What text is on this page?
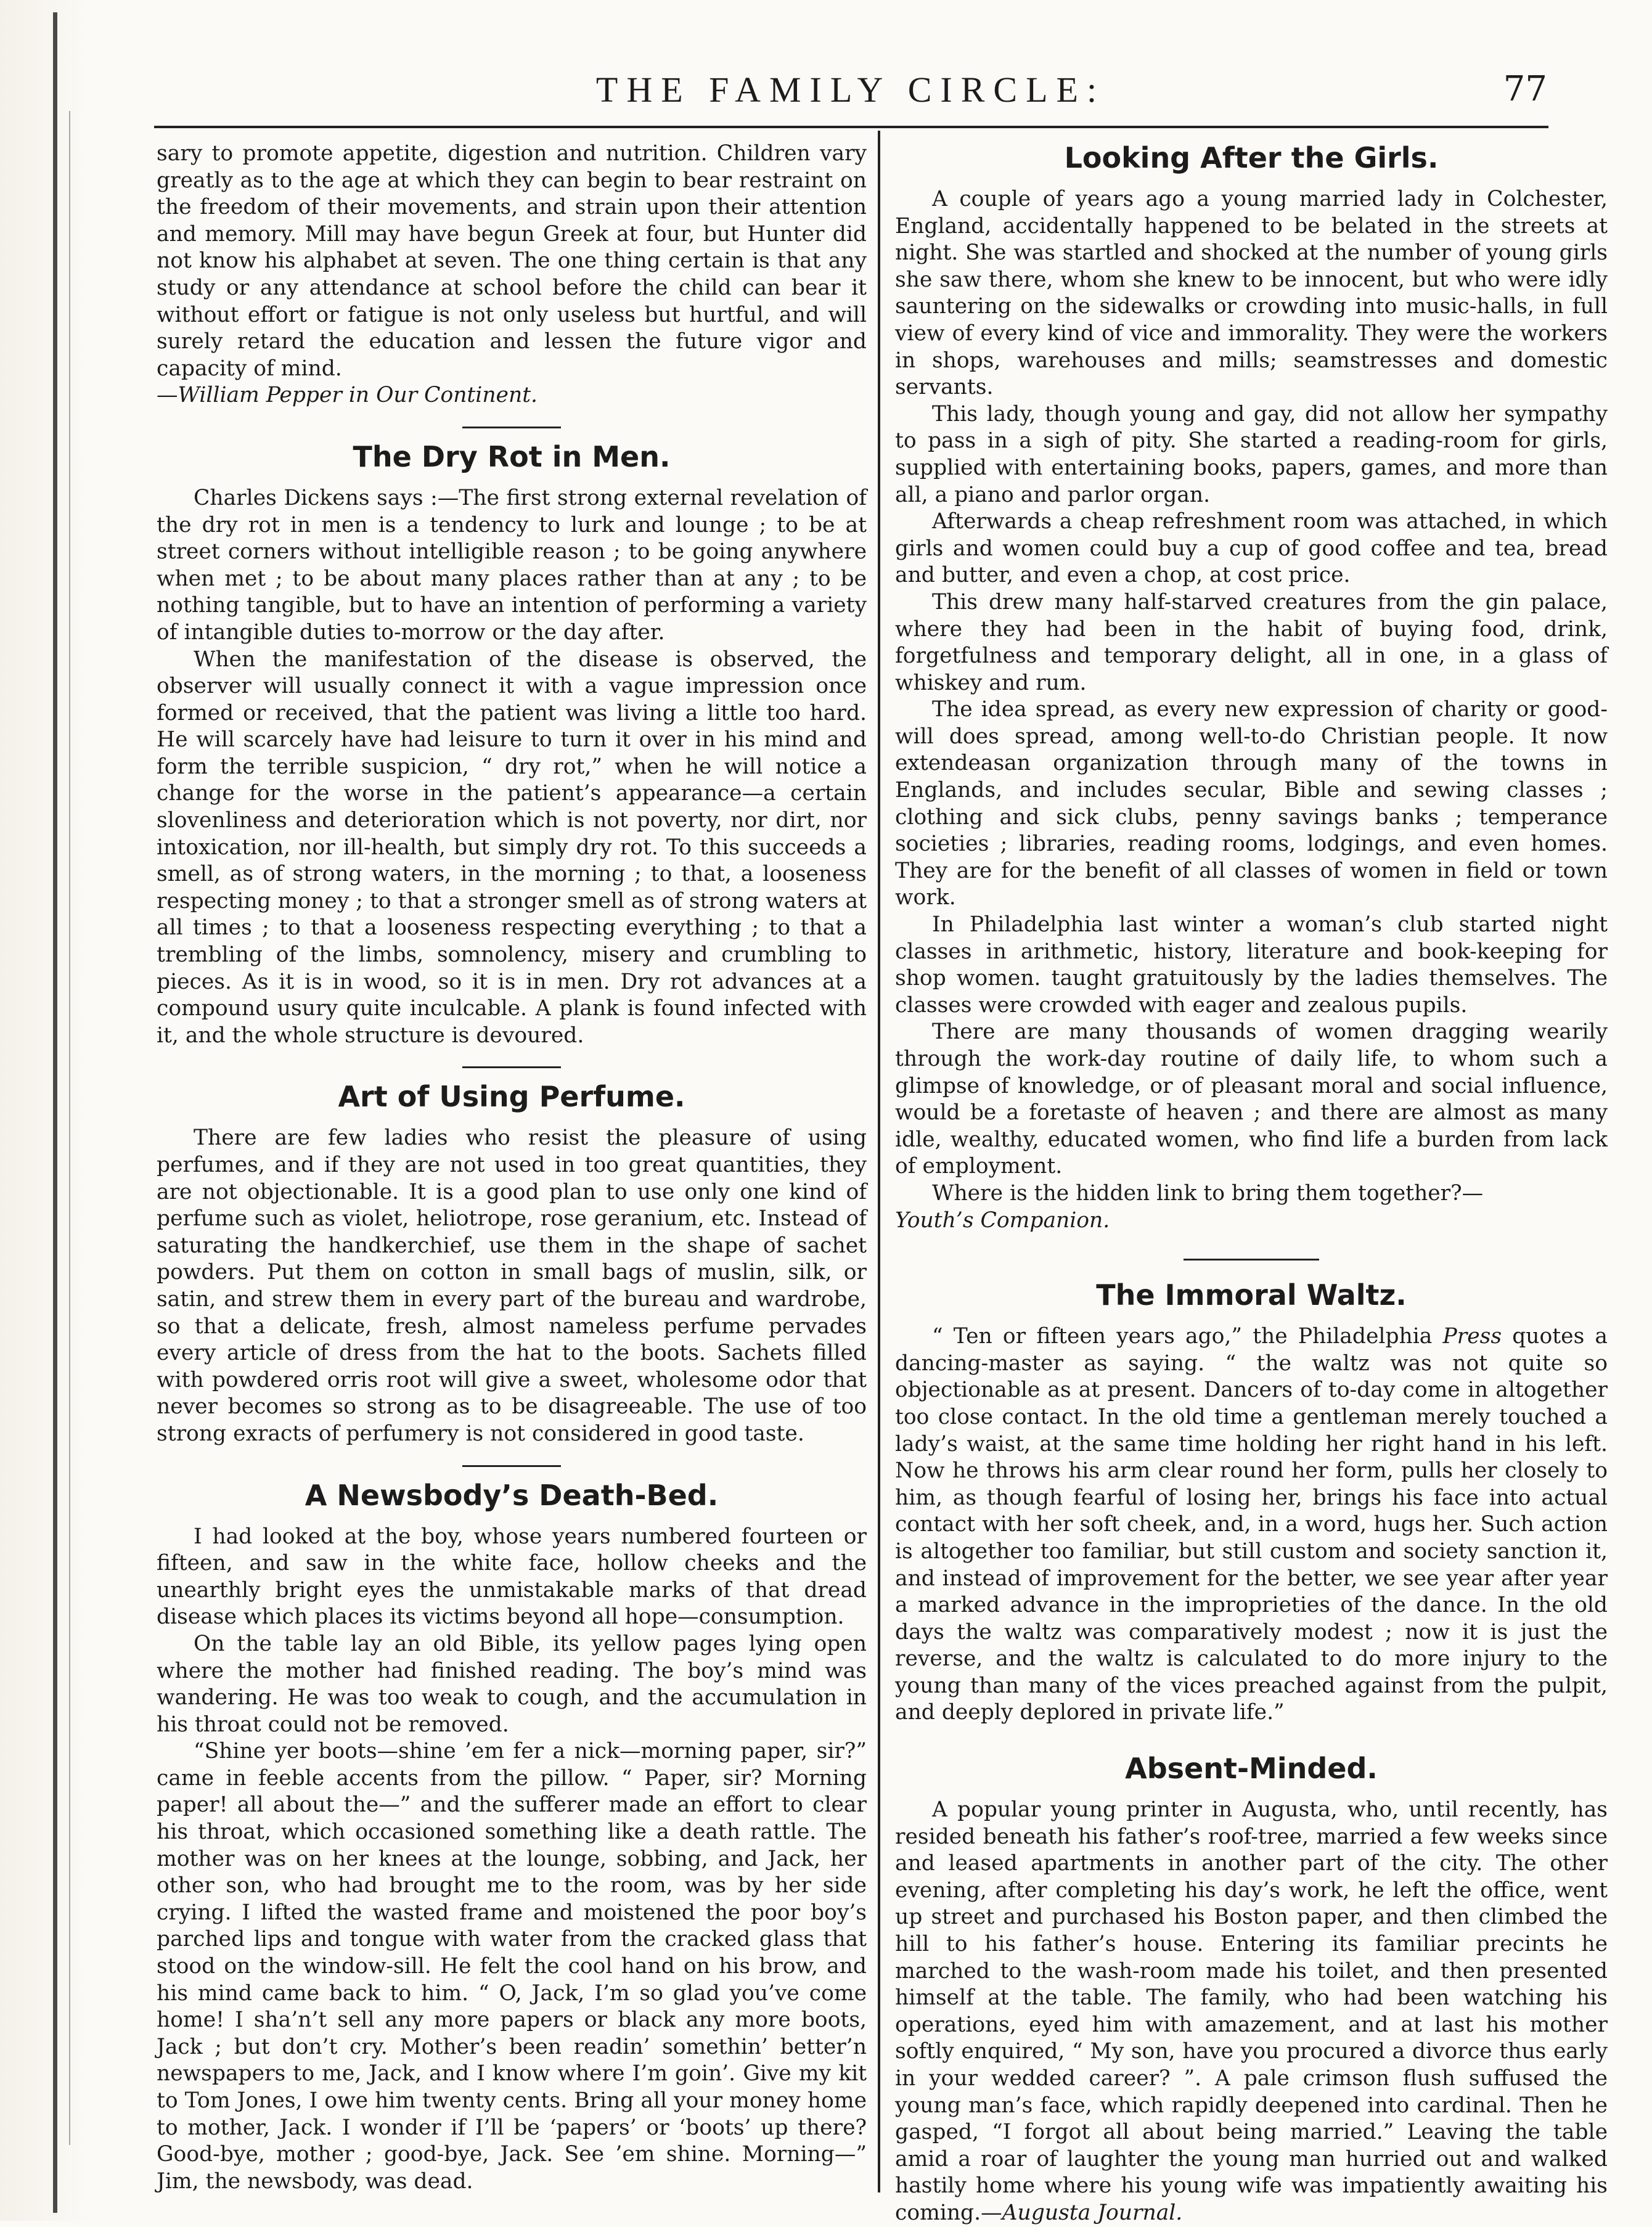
THE FAMILY CIRCLE:	77

sary to promote appetite, digestion and nutrition. Children vary greatly as to the age at which they can begin to bear restraint on the freedom of their movements, and strain upon their attention and memory. Mill may have begun Greek at four, but Hunter did not know his alphabet at seven. The one thing certain is that any study or any attendance at school before the child can bear it without effort or fatigue is not only useless but hurtful, and will surely retard the education and lessen the future vigor and capacity of mind.

—William Pepper in Our Continent.

The Dry Rot in Men.

Charles Dickens says :—The first strong external revelation of the dry rot in men is a tendency to lurk and lounge ; to be at street corners without intelligible reason ; to be going anywhere when met ; to be about many places rather than at any ; to be nothing tangible, but to have an intention of performing a variety of intangible duties to-morrow or the day after.

When the manifestation of the disease is observed, the observer will usually connect it with a vague impression once formed or received, that the patient was living a little too hard. He will scarcely have had leisure to turn it over in his mind and form the terrible suspicion, “ dry rot,” when he will notice a change for the worse in the patient’s appearance—a certain slovenliness and deterioration which is not poverty, nor dirt, nor intoxication, nor ill-health, but simply dry rot. To this succeeds a smell, as of strong waters, in the morning ; to that, a looseness respecting money ; to that a stronger smell as of strong waters at all times ; to that a looseness respecting everything ; to that a trembling of the limbs, somnolency, misery and crumbling to pieces. As it is in wood, so it is in men. Dry rot advances at a compound usury quite inculcable. A plank is found infected with it, and the whole structure is devoured.

Art of Using Perfume.

There are few ladies who resist the pleasure of using perfumes, and if they are not used in too great quantities, they are not objectionable. It is a good plan to use only one kind of perfume such as violet, heliotrope, rose geranium, etc. Instead of saturating the handkerchief, use them in the shape of sachet powders. Put them on cotton in small bags of muslin, silk, or satin, and strew them in every part of the bureau and wardrobe, so that a delicate, fresh, almost nameless perfume pervades every article of dress from the hat to the boots. Sachets filled with powdered orris root will give a sweet, wholesome odor that never becomes so strong as to be disagreeable. The use of too strong exracts of perfumery is not considered in good taste.

A Newsbody’s Death-Bed.

I had looked at the boy, whose years numbered fourteen or fifteen, and saw in the white face, hollow cheeks and the unearthly bright eyes the unmistakable marks of that dread disease which places its victims beyond all hope—consumption.

On the table lay an old Bible, its yellow pages lying open where the mother had finished reading. The boy’s mind was wandering. He was too weak to cough, and the accumulation in his throat could not be removed.

“Shine yer boots—shine ’em fer a nick—morning paper, sir?” came in feeble accents from the pillow. “ Paper, sir? Morning paper! all about the—” and the sufferer made an effort to clear his throat, which occasioned something like a death rattle. The mother was on her knees at the lounge, sobbing, and Jack, her other son, who had brought me to the room, was by her side crying. I lifted the wasted frame and moistened the poor boy’s parched lips and tongue with water from the cracked glass that stood on the window-sill. He felt the cool hand on his brow, and his mind came back to him. “ O, Jack, I’m so glad you’ve come home! I sha’n’t sell any more papers or black any more boots, Jack ; but don’t cry. Mother’s been readin’ somethin’ better’n newspapers to me, Jack, and I know where I’m goin’. Give my kit to Tom Jones, I owe him twenty cents. Bring all your money home to mother, Jack. I wonder if I’ll be ‘papers’ or ‘boots’ up there? Good-bye, mother ; good-bye, Jack. See ’em shine. Morning—” Jim, the newsbody, was dead.

Looking After the Girls.

A couple of years ago a young married lady in Colchester, England, accidentally happened to be belated in the streets at night. She was startled and shocked at the number of young girls she saw there, whom she knew to be innocent, but who were idly sauntering on the sidewalks or crowding into music-halls, in full view of every kind of vice and immorality. They were the workers in shops, warehouses and mills; seamstresses and domestic servants.

This lady, though young and gay, did not allow her sympathy to pass in a sigh of pity. She started a reading-room for girls, supplied with entertaining books, papers, games, and more than all, a piano and parlor organ.

Afterwards a cheap refreshment room was attached, in which girls and women could buy a cup of good coffee and tea, bread and butter, and even a chop, at cost price.

This drew many half-starved creatures from the gin palace, where they had been in the habit of buying food, drink, forgetfulness and temporary delight, all in one, in a glass of whiskey and rum.

The idea spread, as every new expression of charity or good-will does spread, among well-to-do Christian people. It now extendeasan organization through many of the towns in Englands, and includes secular, Bible and sewing classes ; clothing and sick clubs, penny savings banks ; temperance societies ; libraries, reading rooms, lodgings, and even homes. They are for the benefit of all classes of women in field or town work.

In Philadelphia last winter a woman’s club started night classes in arithmetic, history, literature and book-keeping for shop women. taught gratuitously by the ladies themselves. The classes were crowded with eager and zealous pupils.

There are many thousands of women dragging wearily through the work-day routine of daily life, to whom such a glimpse of knowledge, or of pleasant moral and social influence, would be a foretaste of heaven ; and there are almost as many idle, wealthy, educated women, who find life a burden from lack of employment.

Where is the hidden link to bring them together?—

Youth’s Companion.

The Immoral Waltz.

“ Ten or fifteen years ago,” the Philadelphia Press quotes a dancing-master as saying. “ the waltz was not quite so objectionable as at present. Dancers of to-day come in altogether too close contact. In the old time a gentleman merely touched a lady’s waist, at the same time holding her right hand in his left. Now he throws his arm clear round her form, pulls her closely to him, as though fearful of losing her, brings his face into actual contact with her soft cheek, and, in a word, hugs her. Such action is altogether too familiar, but still custom and society sanction it, and instead of improvement for the better, we see year after year a marked advance in the improprieties of the dance. In the old days the waltz was comparatively modest ; now it is just the reverse, and the waltz is calculated to do more injury to the young than many of the vices preached against from the pulpit, and deeply deplored in private life.”

Absent-Minded.

A popular young printer in Augusta, who, until recently, has resided beneath his father’s roof-tree, married a few weeks since and leased apartments in another part of the city. The other evening, after completing his day’s work, he left the office, went up street and purchased his Boston paper, and then climbed the hill to his father’s house. Entering its familiar precints he marched to the wash-room made his toilet, and then presented himself at the table. The family, who had been watching his operations, eyed him with amazement, and at last his mother softly enquired, “ My son, have you procured a divorce thus early in your wedded career? ”. A pale crimson flush suffused the young man’s face, which rapidly deepened into cardinal. Then he gasped, “I forgot all about being married.” Leaving the table amid a roar of laughter the young man hurried out and walked hastily home where his young wife was impatiently awaiting his coming.—Augusta Journal.
